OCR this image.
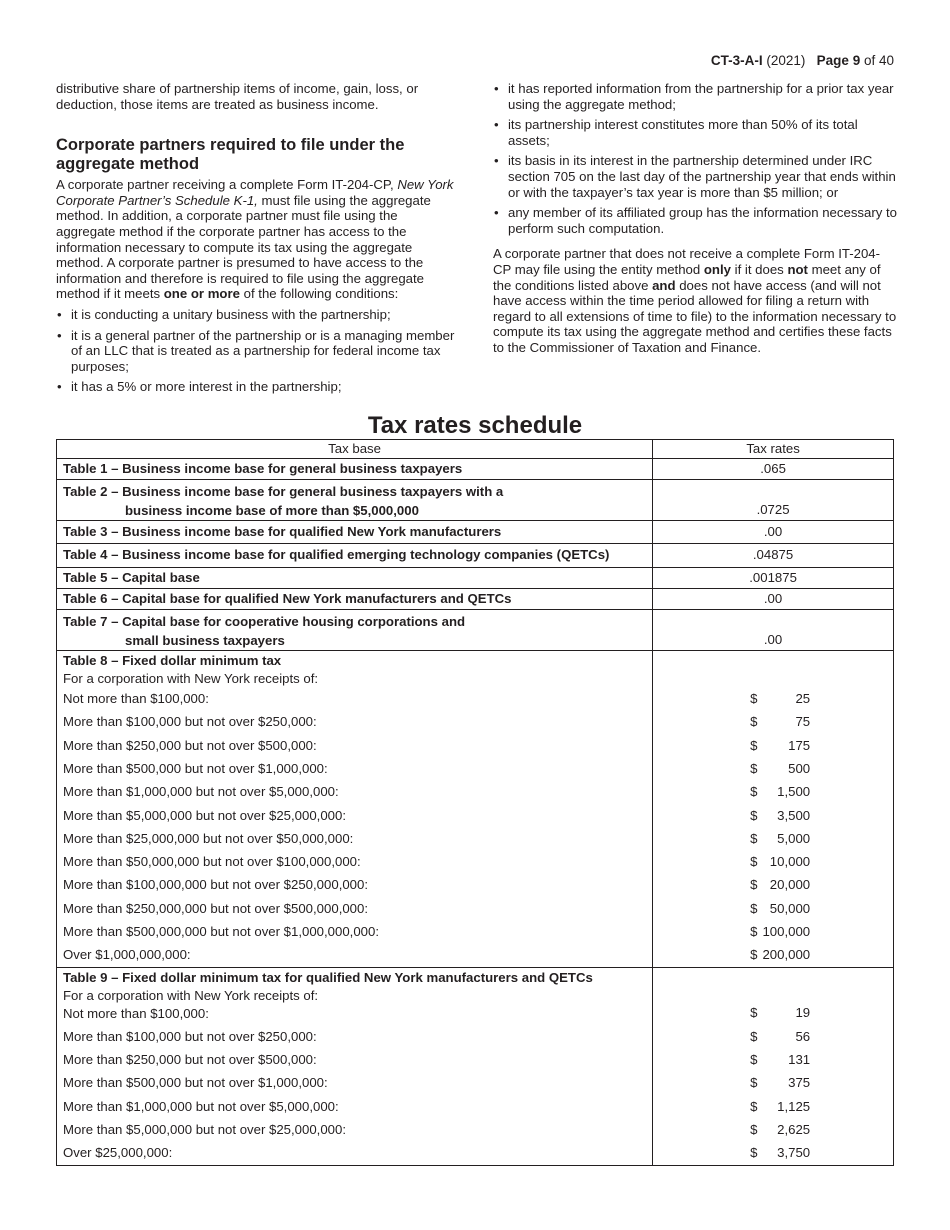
CT-3-A-I (2021) Page 9 of 40

distributive share of partnership items of income, gain, loss, or deduction, those items are treated as business income.

Corporate partners required to file under the aggregate method

A corporate partner receiving a complete Form IT-204-CP, New York Corporate Partner’s Schedule K-1, must file using the aggregate method. In addition, a corporate partner must file using the aggregate method if the corporate partner has access to the information necessary to compute its tax using the aggregate method. A corporate partner is presumed to have access to the information and therefore is required to file using the aggregate method if it meets one or more of the following conditions:

• it is conducting a unitary business with the partnership;
• it is a general partner of the partnership or is a managing member of an LLC that is treated as a partnership for federal income tax purposes;
• it has a 5% or more interest in the partnership;
• it has reported information from the partnership for a prior tax year using the aggregate method;
• its partnership interest constitutes more than 50% of its total assets;
• its basis in its interest in the partnership determined under IRC section 705 on the last day of the partnership year that ends within or with the taxpayer’s tax year is more than $5 million; or
• any member of its affiliated group has the information necessary to perform such computation.

A corporate partner that does not receive a complete Form IT-204-CP may file using the entity method only if it does not meet any of the conditions listed above and does not have access (and will not have access within the time period allowed for filing a return with regard to all extensions of time to file) to the information necessary to compute its tax using the aggregate method and certifies these facts to the Commissioner of Taxation and Finance.

Tax rates schedule
Tax base	Tax rates
Table 1 – Business income base for general business taxpayers	.065
Table 2 – Business income base for general business taxpayers with a
business income base of more than $5,000,000	.0725
Table 3 – Business income base for qualified New York manufacturers	.00
Table 4 – Business income base for qualified emerging technology companies (QETCs)	.04875
Table 5 – Capital base	.001875
Table 6 – Capital base for qualified New York manufacturers and QETCs	.00
Table 7 – Capital base for cooperative housing corporations and
small business taxpayers	.00
Table 8 – Fixed dollar minimum tax
For a corporation with New York receipts of:	
Not more than $100,000:	$ 25

More than $100,000 but not over $250,000:	$ 75

More than $250,000 but not over $500,000:	$ 175

More than $500,000 but not over $1,000,000:	$ 500

More than $1,000,000 but not over $5,000,000:	$ 1,500

More than $5,000,000 but not over $25,000,000:	$ 3,500

More than $25,000,000 but not over $50,000,000:	$ 5,000

More than $50,000,000 but not over $100,000,000:	$ 10,000

More than $100,000,000 but not over $250,000,000:	$ 20,000

More than $250,000,000 but not over $500,000,000:	$ 50,000

More than $500,000,000 but not over $1,000,000,000:	$ 100,000

Over $1,000,000,000:	$ 200,000

Table 9 – Fixed dollar minimum tax for qualified New York manufacturers and QETCs
For a corporation with New York receipts of:
Not more than $100,000:	$ 19

More than $100,000 but not over $250,000:	$ 56

More than $250,000 but not over $500,000:	$ 131

More than $500,000 but not over $1,000,000:	$ 375

More than $1,000,000 but not over $5,000,000:	$ 1,125

More than $5,000,000 but not over $25,000,000:	$ 2,625

Over $25,000,000:	$ 3,750
